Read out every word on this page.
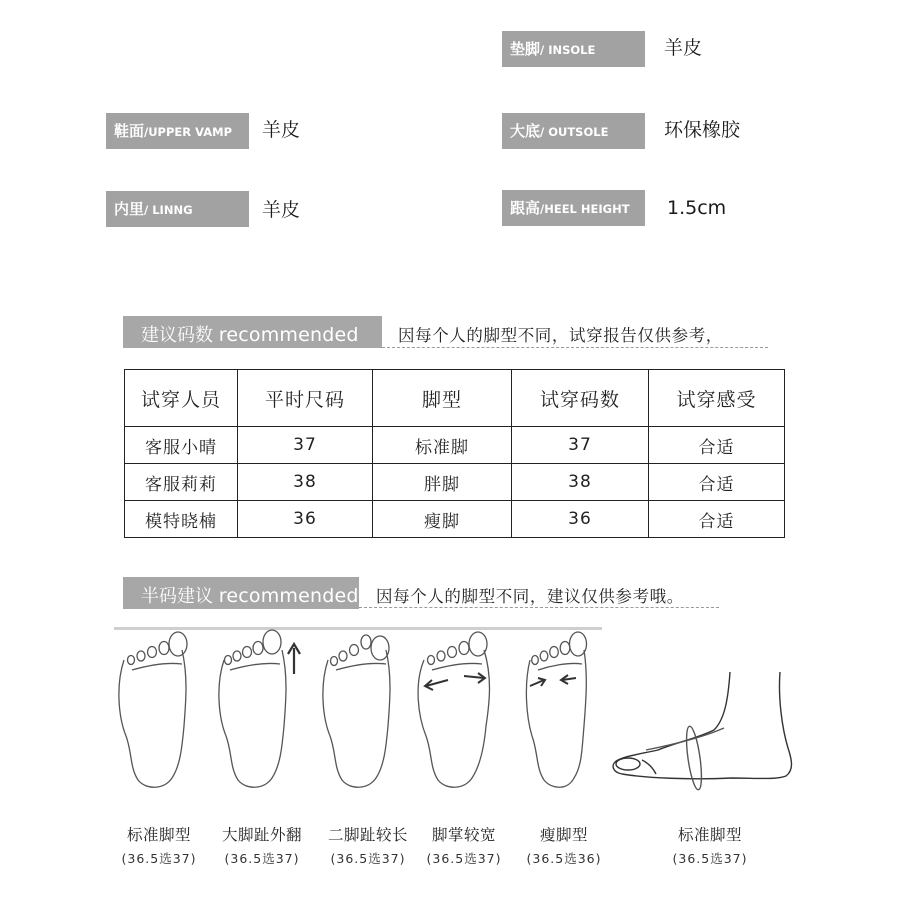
垫脚/ INSOLE	羊皮
鞋面/UPPER VAMP	羊皮	大底/ OUTSOLE	环保橡胶
内里/ LINNG	羊皮	跟高/HEEL HEIGHT	1.5cm
建议码数 recommended	因每个人的脚型不同，试穿报告仅供参考，
试穿人员	平时尺码	脚型	试穿码数	试穿感受
客服小晴	37	标准脚	37	合适
客服莉莉	38	胖脚	38	合适
模特晓楠	36	瘦脚	36	合适
半码建议 recommended 因每个人的脚型不同，建议仅供参考哦。
标准脚型
(36.5选37)
大脚趾外翻
(36.5选37)
二脚趾较长
(36.5选37)
脚掌较宽
(36.5选37)
瘦脚型
(36.5选36)
标准脚型
(36.5选37)
